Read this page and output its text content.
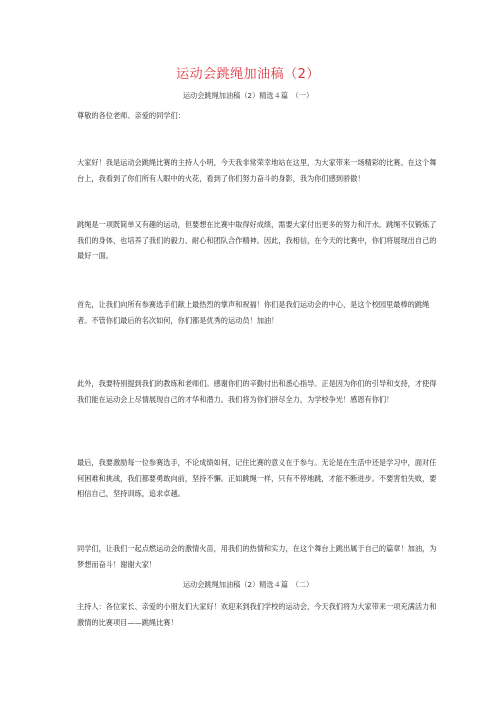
运动会跳绳加油稿（2）
运动会跳绳加油稿（2）精选４篇　（一）

尊敬的各位老师、亲爱的同学们：

大家好！我是运动会跳绳比赛的主持人小明，今天我非常荣幸地站在这里，为大家带来一场精彩的比赛。在这个舞台上，我看到了你们所有人眼中的火花，看到了你们努力奋斗的身影，我为你们感到骄傲！

跳绳是一项既简单又有趣的运动，但要想在比赛中取得好成绩，需要大家付出更多的努力和汗水。跳绳不仅锻炼了我们的身体，也培养了我们的毅力、耐心和团队合作精神。因此，我相信，在今天的比赛中，你们将展现出自己的最好一面。

首先，让我们向所有参赛选手们献上最热烈的掌声和祝福！你们是我们运动会的中心，是这个校园里最棒的跳绳者。不管你们最后的名次如何，你们都是优秀的运动员！加油！

此外，我要特别提到我们的教练和老师们。感谢你们的辛勤付出和悉心指导。正是因为你们的引导和支持，才使得我们能在运动会上尽情展现自己的才华和潜力。我们将为你们拼尽全力，为学校争光！感恩有你们！

最后，我要激励每一位参赛选手，不论成绩如何，记住比赛的意义在于参与。无论是在生活中还是学习中，面对任何困难和挑战，我们都要勇敢向前，坚持不懈。正如跳绳一样，只有不停地跳，才能不断进步。不要害怕失败，要相信自己，坚持训练，追求卓越。

同学们，让我们一起点燃运动会的激情火苗，用我们的热情和实力，在这个舞台上跳出属于自己的篇章！加油，为梦想而奋斗！谢谢大家！

运动会跳绳加油稿（2）精选４篇　（二）

主持人：各位家长、亲爱的小朋友们大家好！欢迎来到我们学校的运动会，今天我们将为大家带来一项充满活力和激情的比赛项目——跳绳比赛！
